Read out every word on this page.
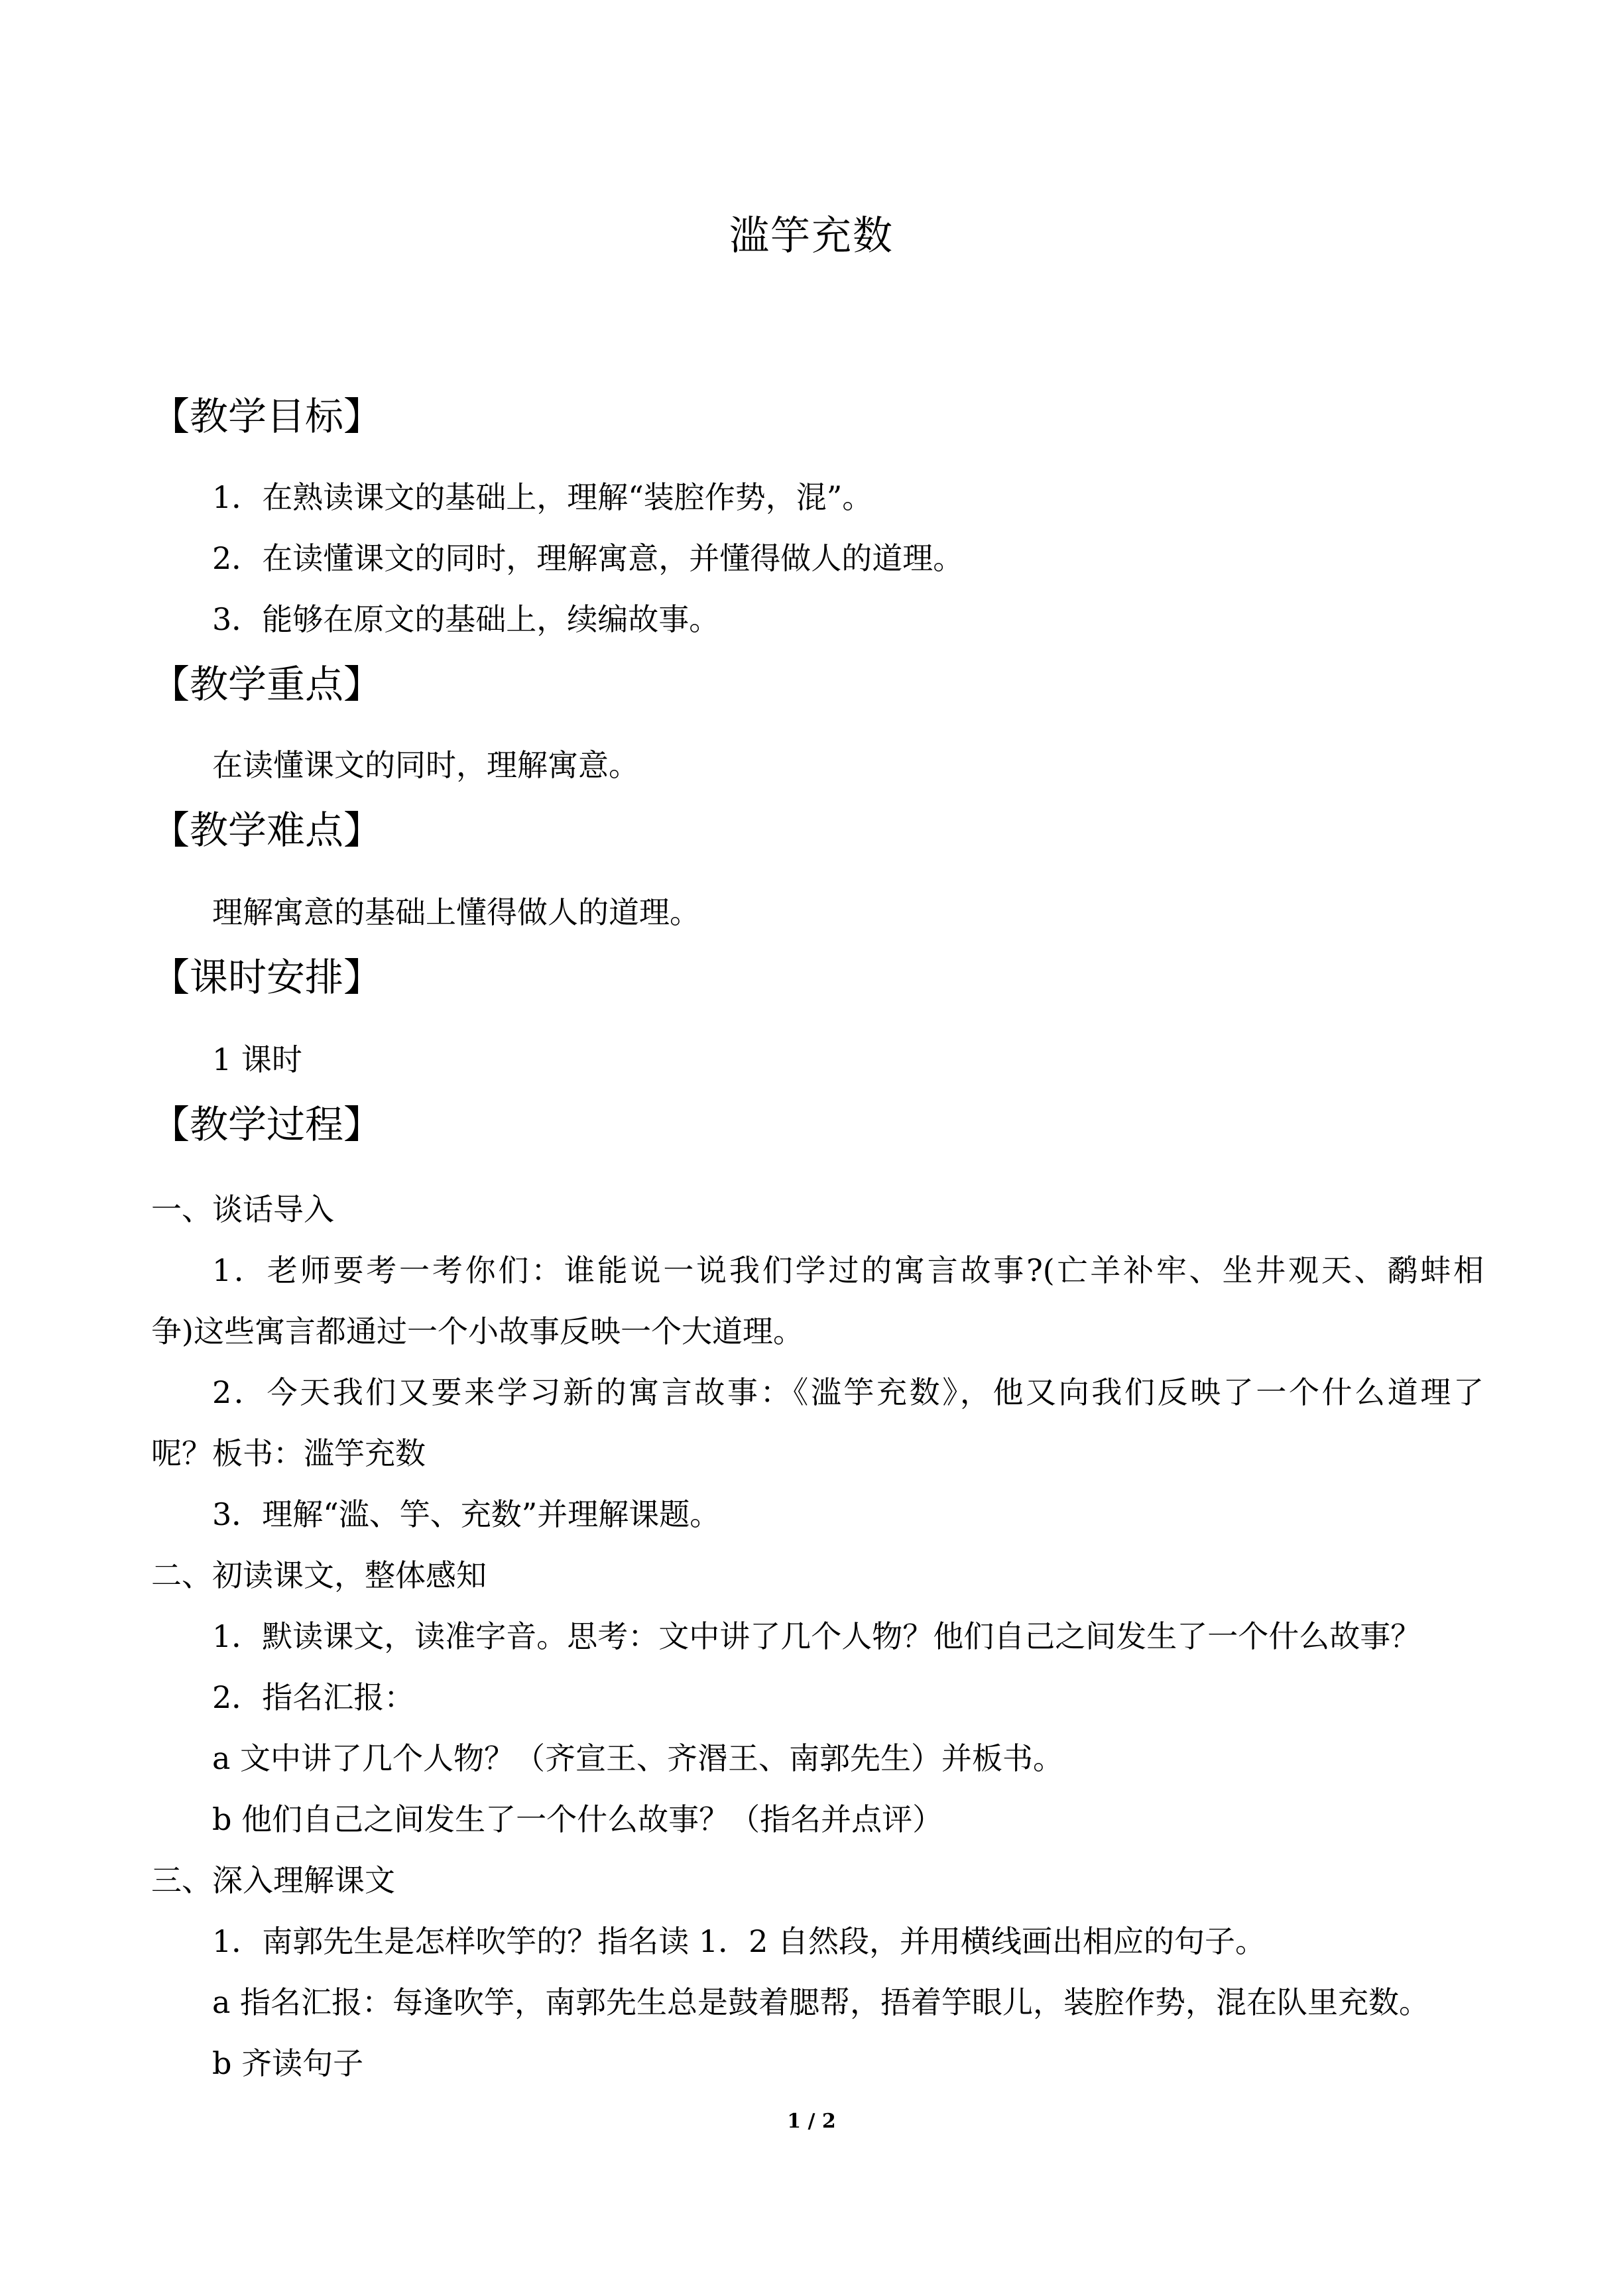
滥竽充数
【教学目标】
1．在熟读课文的基础上，理解“装腔作势，混”。
2．在读懂课文的同时，理解寓意，并懂得做人的道理。
3．能够在原文的基础上，续编故事。
【教学重点】
在读懂课文的同时，理解寓意。
【教学难点】
理解寓意的基础上懂得做人的道理。
【课时安排】
1 课时
【教学过程】
一、谈话导入
1．老师要考一考你们：谁能说一说我们学过的寓言故事?(亡羊补牢、坐井观天、鹬蚌相
争)这些寓言都通过一个小故事反映一个大道理。
2．今天我们又要来学习新的寓言故事：《滥竽充数》，他又向我们反映了一个什么道理了
呢？板书：滥竽充数
3．理解“滥、竽、充数”并理解课题。
二、初读课文，整体感知
1．默读课文，读准字音。思考：文中讲了几个人物？他们自己之间发生了一个什么故事？
2．指名汇报：
a 文中讲了几个人物？（齐宣王、齐湣王、南郭先生）并板书。
b 他们自己之间发生了一个什么故事？（指名并点评）
三、深入理解课文
1．南郭先生是怎样吹竽的？指名读 1．2 自然段，并用横线画出相应的句子。
a 指名汇报：每逢吹竽，南郭先生总是鼓着腮帮，捂着竽眼儿，装腔作势，混在队里充数。
b 齐读句子
1 / 2
